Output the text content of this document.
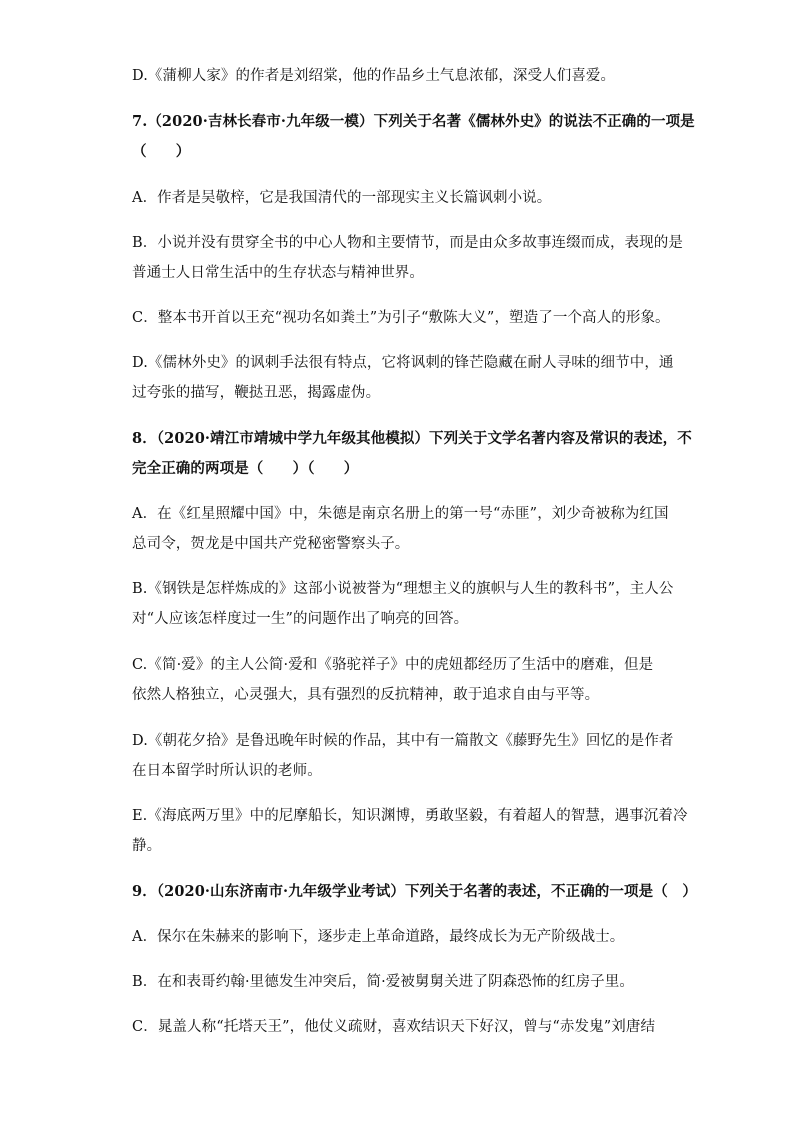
D.《蒲柳人家》的作者是刘绍棠，他的作品乡土气息浓郁，深受人们喜爱。
7.（2020·吉林长春市·九年级一模）下列关于名著《儒林外史》的说法不正确的一项是
（　　）
A．作者是吴敬梓，它是我国清代的一部现实主义长篇讽刺小说。
B．小说并没有贯穿全书的中心人物和主要情节，而是由众多故事连缀而成，表现的是
普通士人日常生活中的生存状态与精神世界。
C．整本书开首以王充“视功名如粪土”为引子“敷陈大义”，塑造了一个高人的形象。
D.《儒林外史》的讽刺手法很有特点，它将讽刺的锋芒隐藏在耐人寻味的细节中，通
过夸张的描写，鞭挞丑恶，揭露虚伪。
8．（2020·靖江市靖城中学九年级其他模拟）下列关于文学名著内容及常识的表述，不
完全正确的两项是（　　）（　　）
A．在《红星照耀中国》中，朱德是南京名册上的第一号“赤匪”，刘少奇被称为红国
总司令，贺龙是中国共产党秘密警察头子。
B.《钢铁是怎样炼成的》这部小说被誉为“理想主义的旗帜与人生的教科书”，主人公
对“人应该怎样度过一生”的问题作出了响亮的回答。
C.《简·爱》的主人公简·爱和《骆驼祥子》中的虎妞都经历了生活中的磨难，但是
依然人格独立，心灵强大，具有强烈的反抗精神，敢于追求自由与平等。
D.《朝花夕拾》是鲁迅晚年时候的作品，其中有一篇散文《藤野先生》回忆的是作者
在日本留学时所认识的老师。
E.《海底两万里》中的尼摩船长，知识渊博，勇敢坚毅，有着超人的智慧，遇事沉着冷
静。
9．（2020·山东济南市·九年级学业考试）下列关于名著的表述，不正确的一项是（　）
A．保尔在朱赫来的影响下，逐步走上革命道路，最终成长为无产阶级战士。
B．在和表哥约翰·里德发生冲突后，简·爱被舅舅关进了阴森恐怖的红房子里。
C．晁盖人称“托塔天王”，他仗义疏财，喜欢结识天下好汉，曾与“赤发鬼”刘唐结
